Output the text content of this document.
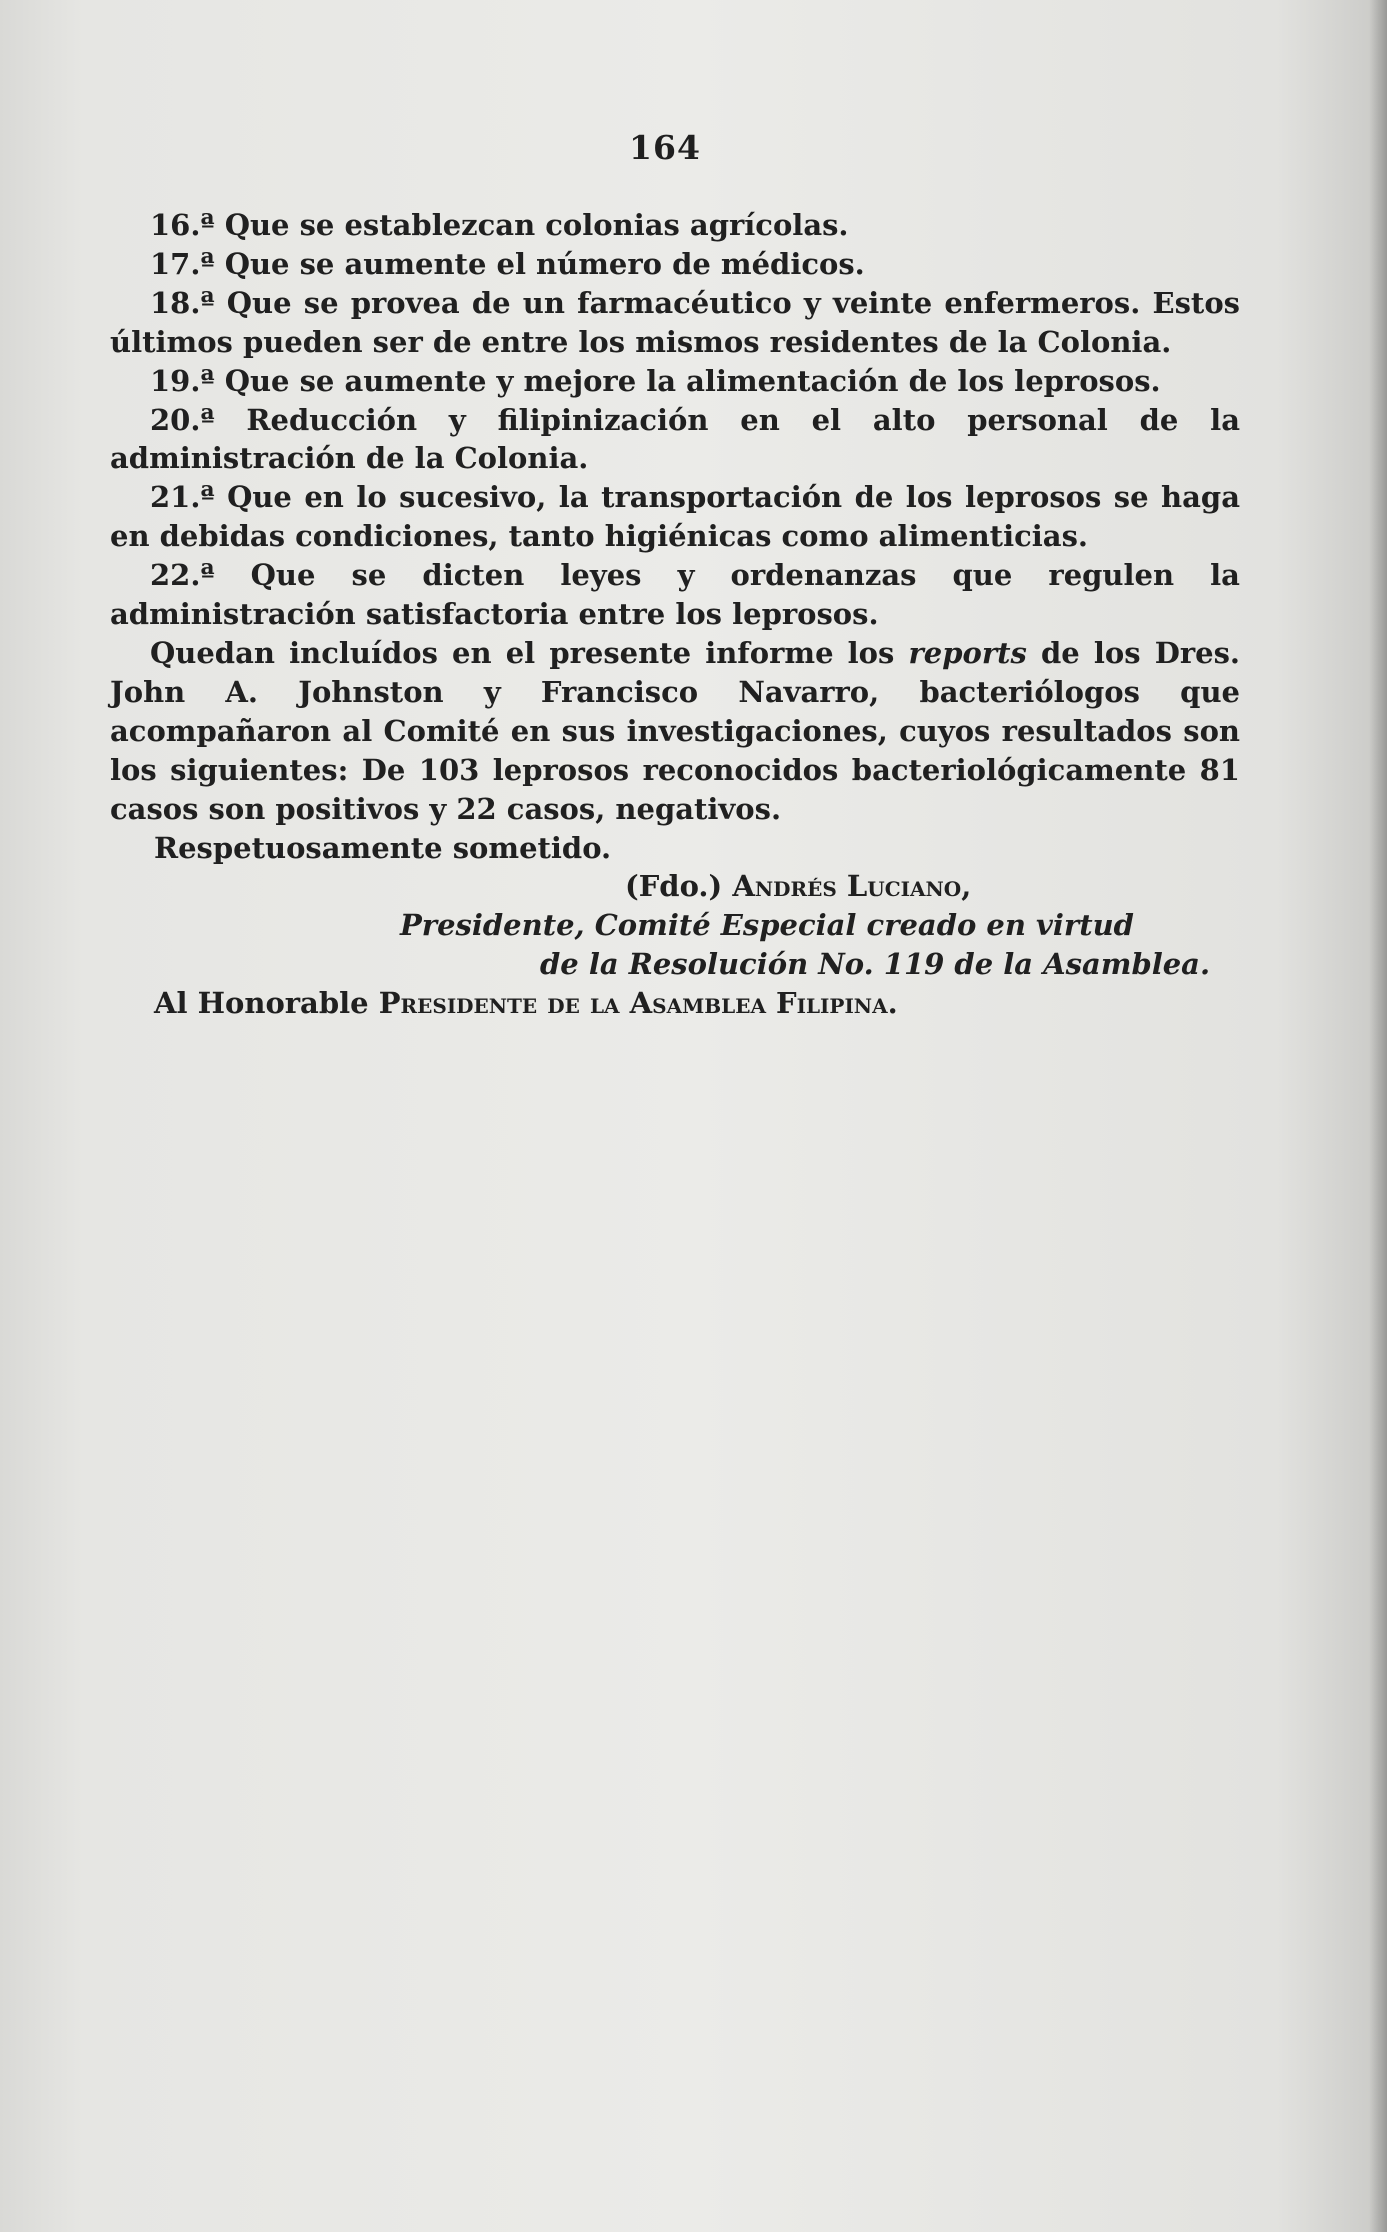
164

16.ª Que se establezcan colonias agrícolas.

17.ª Que se aumente el número de médicos.

18.ª Que se provea de un farmacéutico y veinte enfermeros. Estos últimos pueden ser de entre los mismos residentes de la Colonia.

19.ª Que se aumente y mejore la alimentación de los leprosos.

20.ª Reducción y filipinización en el alto personal de la administración de la Colonia.

21.ª Que en lo sucesivo, la transportación de los leprosos se haga en debidas condiciones, tanto higiénicas como alimenticias.

22.ª Que se dicten leyes y ordenanzas que regulen la administración satisfactoria entre los leprosos.

Quedan incluídos en el presente informe los reports de los Dres. John A. Johnston y Francisco Navarro, bacteriólogos que acompañaron al Comité en sus investigaciones, cuyos resultados son los siguientes: De 103 leprosos reconocidos bacteriológicamente 81 casos son positivos y 22 casos, negativos.

Respetuosamente sometido.

(Fdo.) Andrés Luciano,

Presidente, Comité Especial creado en virtud

de la Resolución No. 119 de la Asamblea.

Al Honorable Presidente de la Asamblea Filipina.
